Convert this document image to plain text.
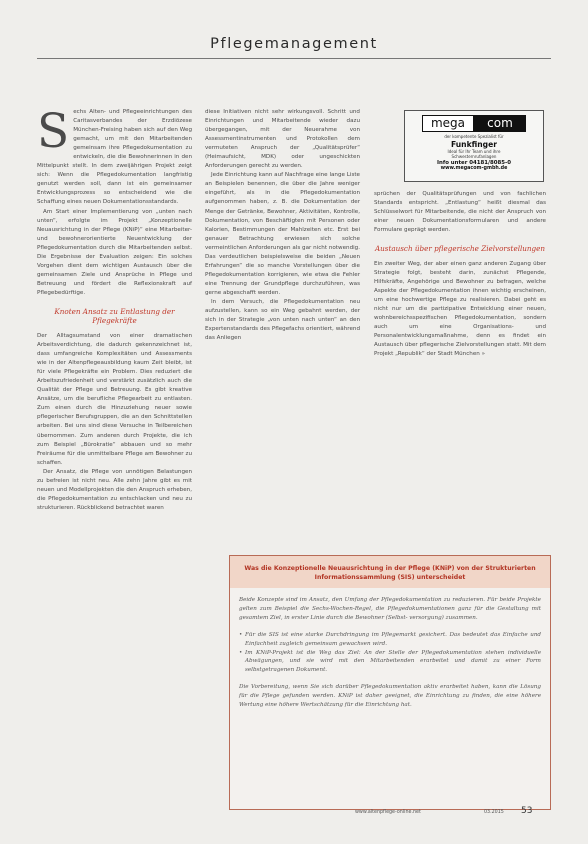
Pflegemanagement

S echs Alten- und Pflegeeinrichtungen des Caritasverbandes der Erzdiözese München-Freising haben sich auf den Weg gemacht, um mit den Mitarbeitenden gemeinsam ihre Pflegedokumentation zu entwickeln, die die Bewohnerinnen in den Mittelpunkt stellt. In dem zweijährigen Projekt zeigt sich: Wenn die Pflegedokumentation langfristig genutzt werden soll, dann ist ein gemeinsamer Entwicklungsprozess so entscheidend wie die Schaffung eines neuen Dokumentationsstandards.

Am Start einer Implementierung von „unten nach unten“, erfolgte im Projekt „Konzeptionelle Neuausrichtung in der Pflege (KNiP)“ eine Mitarbeiter- und bewohnerorientierte Neuentwicklung der Pflegedokumentation durch die Mitarbeitenden selbst. Die Ergebnisse der Evaluation zeigen: Ein solches Vorgehen dient dem wichtigen Austausch über die gemeinsamen Ziele und Ansprüche in Pflege und Betreuung und fördert die Reflexionskraft auf Pflegebedürftige.

Knoten Ansatz zu Entlastung der Pflegekräfte

Der Alltagsumstand von einer dramatischen Arbeitsverdichtung, die dadurch gekennzeichnet ist, dass umfangreiche Komplexitäten und Assessments wie in der Altenpflegeausbildung kaum Zeit bleibt, ist für viele Pflegekräfte ein Problem. Dies reduziert die Arbeitszufriedenheit und verstärkt zusätzlich auch die Qualität der Pflege und Betreuung. Es gibt kreative Ansätze, um die berufliche Pflegearbeit zu entlasten. Zum einen durch die Hinzuziehung neuer sowie pflegerischer Berufsgruppen, die an den Schnittstellen arbeiten. Bei uns sind diese Versuche in Teilbereichen übernommen. Zum anderen durch Projekte, die ich zum Beispiel „Bürokratie“ abbauen und so mehr Freiräume für die unmittelbare Pflege am Bewohner zu schaffen.

Der Ansatz, die Pflege von unnötigen Belastungen zu befreien ist nicht neu. Alle zehn Jahre gibt es mit neuen und Modellprojekten die den Anspruch erheben, die Pflegedokumentation zu entschlacken und neu zu strukturieren. Rückblickend betrachtet waren

diese Initiativen nicht sehr wirkungsvoll. Schritt und Einrichtungen und Mitarbeitende wieder dazu übergegangen, mit der Neuerahme von Assessmentinstrumenten und Protokollen dem vermuteten Anspruch der „Qualitätsprüfer“ (Heimaufsicht, MDK) oder ungeschickten Anforderungen gerecht zu werden.

Jede Einrichtung kann auf Nachfrage eine lange Liste an Beispielen benennen, die über die Jahre weniger eingeführt, als in die Pflegedokumentation aufgenommen haben, z. B. die Dokumentation der Menge der Getränke, Bewohner, Aktivitäten, Kontrolle, Dokumentation, von Beschäftigten mit Personen oder Kalorien, Bestimmungen der Mahlzeiten etc. Erst bei genauer Betrachtung erwiesen sich solche vermeintlichen Anforderungen als gar nicht notwendig. Das verdeutlichen beispielsweise die beiden „Neuen Erfahrungen“ die so manche Vorstellungen über die Pflegedokumentation korrigieren, wie etwa die Fehler eine Trennung der Grundpflege durchzuführen, was gerne abgeschafft werden.

In dem Versuch, die Pflegedokumentation neu aufzustellen, kann so ein Weg gebahnt werden, der sich in der Strategie „von unten nach unten“ an den Expertenstandards des Pflegefachs orientiert, während das Anliegen

mega	com
der kompetente Spezialist für
Funkfinger
Ideal für Ihr Team und ihre
Schwesternrufanlagen
Info unter 04181/8085-0
www.megacom-gmbh.de

sprüchen der Qualitätsprüfungen und von fachlichen Standards entspricht. „Entlastung“ heißt diesmal das Schlüsselwort für Mitarbeitende, die nicht der Anspruch von einer neuen Dokumentationsformularen und andere Formulare geprägt werden.

Austausch über pflegerische Zielvorstellungen

Ein zweiter Weg, der aber einen ganz anderen Zugang über Strategie folgt, besteht darin, zunächst Pflegende, Hilfskräfte, Angehörige und Bewohner zu befragen, welche Aspekte der Pflegedokumentation ihnen wichtig erscheinen, um eine hochwertige Pflege zu realisieren. Dabei geht es nicht nur um die partizipative Entwicklung einer neuen, wohnbereichsspezifischen Pflegedokumentation, sondern auch um eine Organisations- und Personalentwicklungsmaßnahme, denn es findet ein Austausch über pflegerische Zielvorstellungen statt. Mit dem Projekt „Republik“ der Stadt München »

Was die Konzeptionelle Neuausrichtung in der Pflege (KNiP) von der Strukturierten Informationssammlung (SIS) unterscheidet

Beide Konzepte sind im Ansatz, den Umfang der Pflegedokumentation zu reduzieren. Für beide Projekte gelten zum Beispiel die Sechs-Wochen-Regel, die Pflegedokumentationen ganz für die Gestaltung mit gesamtem Ziel, in erster Linie durch die Bewohner (Selbst- versorgung) zusammen.

• Für die SIS ist eine starke Durchdringung im Pflegemarkt gesichert. Das bedeutet das Einfache und Einfachheit zugleich gemeinsam gewachsen wird.
• Im KNiP-Projekt ist die Weg das Ziel: An der Stelle der Pflegedokumentation stehen individuelle Abwägungen, und sie wird mit den Mitarbeitenden erarbeitet und damit zu einer Form selbstgetragenen Dokument.

Die Vorbereitung, wenn Sie sich darüber Pflegedokumentation aktiv erarbeitet haben, kann die Lösung für die Pflege gefunden werden. KNiP ist daher geeignet, die Einrichtung zu finden, die eine höhere Wertung eine höhere Wertschätzung für die Einrichtung hat.

www.altenpflege-online.net	03.2015 53
